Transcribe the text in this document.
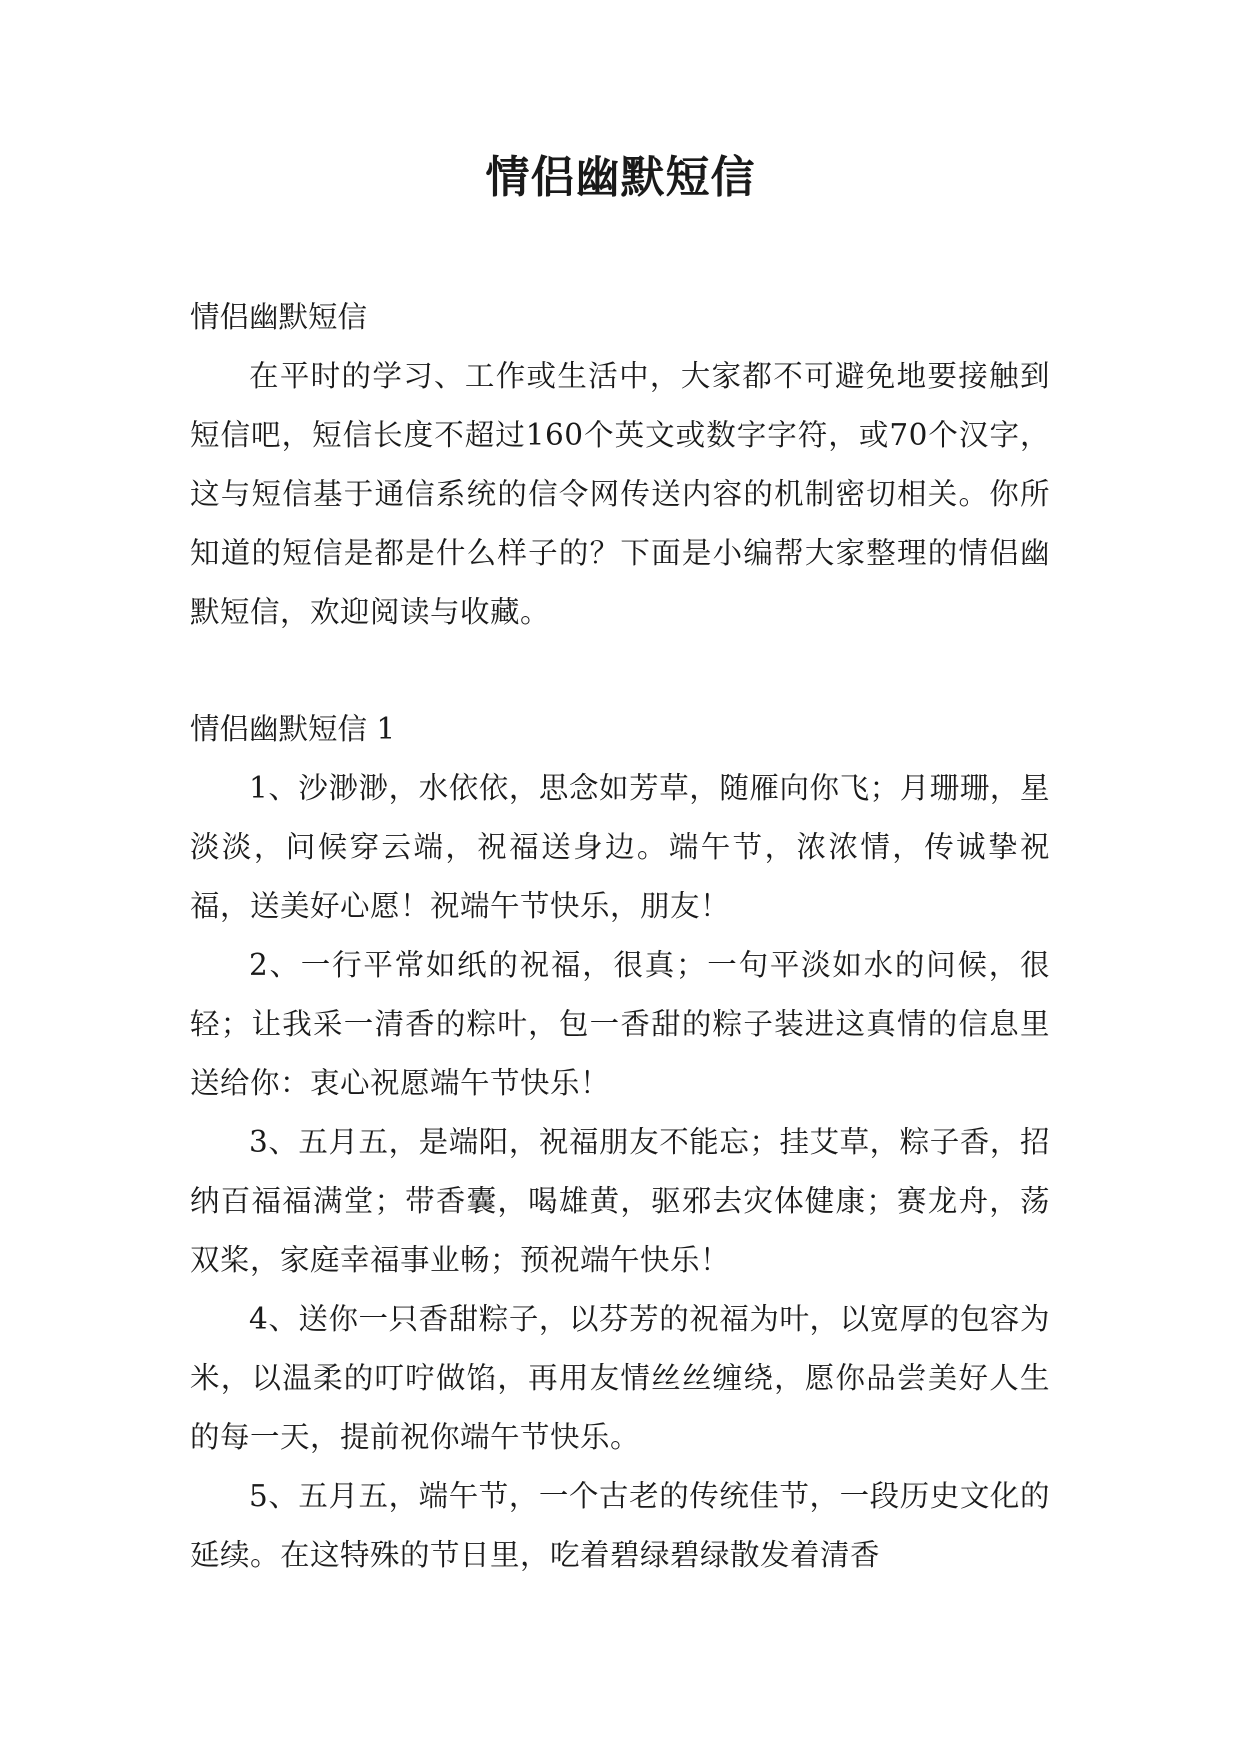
情侣幽默短信

情侣幽默短信

在平时的学习、工作或生活中，大家都不可避免地要接触到短信吧，短信长度不超过160个英文或数字字符，或70个汉字，这与短信基于通信系统的信令网传送内容的机制密切相关。你所知道的短信是都是什么样子的？下面是小编帮大家整理的情侣幽默短信，欢迎阅读与收藏。

情侣幽默短信 1

1、沙渺渺，水依依，思念如芳草，随雁向你飞；月珊珊，星淡淡，问候穿云端，祝福送身边。端午节，浓浓情，传诚挚祝福，送美好心愿！祝端午节快乐，朋友！

2、一行平常如纸的祝福，很真；一句平淡如水的问候，很轻；让我采一清香的粽叶，包一香甜的粽子装进这真情的信息里送给你：衷心祝愿端午节快乐！

3、五月五，是端阳，祝福朋友不能忘；挂艾草，粽子香，招纳百福福满堂；带香囊，喝雄黄，驱邪去灾体健康；赛龙舟，荡双桨，家庭幸福事业畅；预祝端午快乐！

4、送你一只香甜粽子，以芬芳的祝福为叶，以宽厚的包容为米，以温柔的叮咛做馅，再用友情丝丝缠绕，愿你品尝美好人生的每一天，提前祝你端午节快乐。

5、五月五，端午节，一个古老的传统佳节，一段历史文化的延续。在这特殊的节日里，吃着碧绿碧绿散发着清香
